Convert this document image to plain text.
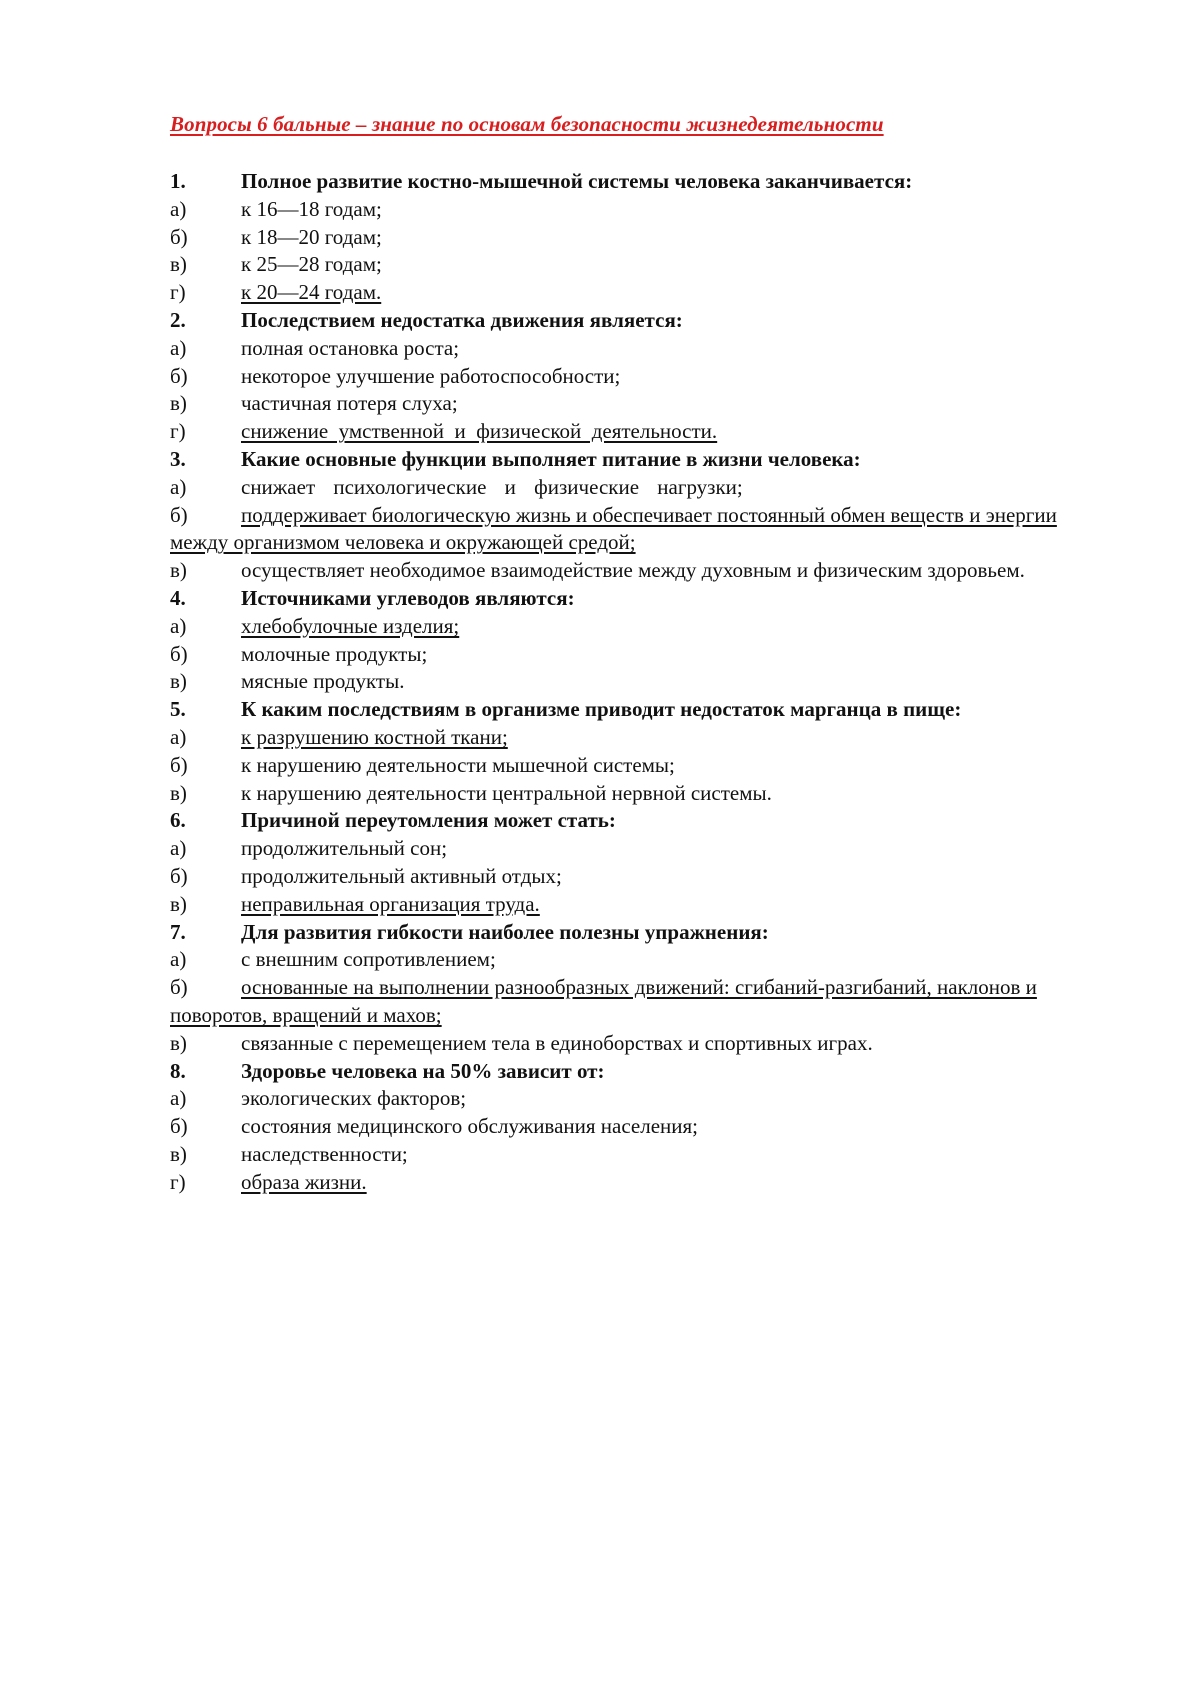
Вопросы 6 бальные – знание по основам безопасности жизнедеятельности
1.	Полное развитие костно-мышечной системы человека заканчивается:
а)	к 16—18 годам;
б)	к 18—20 годам;
в)	к 25—28 годам;
г)	к 20—24 годам.
2.	Последствием недостатка движения является:
а)	полная остановка роста;
б)	некоторое улучшение работоспособности;
в)	частичная потеря слуха;
г)	снижение  умственной  и  физической  деятельности.
3.	Какие основные функции выполняет питание в жизни человека:
а)	снижает психологические и физические нагрузки;
б)	поддерживает биологическую жизнь и обеспечивает постоянный обмен веществ и энергии между организмом человека и окружающей средой;
в)	осуществляет необходимое взаимодействие между духовным и физическим здоровьем.
4.	Источниками углеводов являются:
а)	хлебобулочные изделия;
б)	молочные продукты;
в)	мясные продукты.
5.	К каким последствиям в организме приводит недостаток марганца в пище:
а)	к разрушению костной ткани;
б)	к нарушению деятельности мышечной системы;
в)	к нарушению деятельности центральной нервной системы.
6.	Причиной переутомления может стать:
а)	продолжительный сон;
б)	продолжительный активный отдых;
в)	неправильная организация труда.
7.	Для развития гибкости наиболее полезны упражнения:
а)	с внешним сопротивлением;
б)	основанные на выполнении разнообразных движений: сгибаний-разгибаний, наклонов и поворотов, вращений и махов;
в)	связанные с перемещением тела в единоборствах и спортивных играх.
8.	Здоровье человека на 50% зависит от:
а)	экологических факторов;
б)	состояния медицинского обслуживания населения;
в)	наследственности;
г)	образа жизни.
